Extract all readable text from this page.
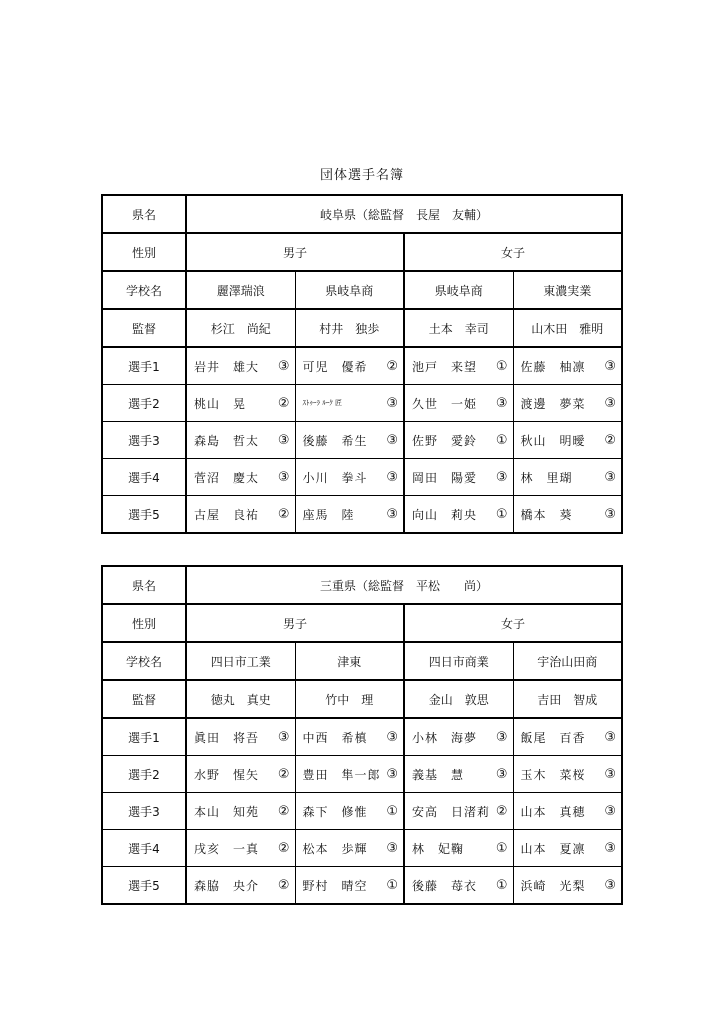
団体選手名簿
県名	岐阜県（総監督　長屋　友輔）			
性別	男子		女子	
学校名	麗澤瑞浪	県岐阜商	県岐阜商	東濃実業
監督	杉江　尚紀	村井　独歩	土本　幸司	山木田　雅明
選手1	岩井　雄大 ③	可児　優希 ②	池戸　来望 ①	佐藤　柚凛 ③

選手2	桃山　晃 ②	ｽﾄｩｰﾗ ﾙｰｸ 匠 ③	久世　一姫 ③	渡邊　夢菜 ③

選手3	森島　哲太 ③	後藤　希生 ③	佐野　愛鈴 ①	秋山　明曖 ②

選手4	菅沼　慶太 ③	小川　拳斗 ③	岡田　陽愛 ③	林　里瑚 ③

選手5	古屋　良祐 ②	座馬　陸 ③	向山　莉央 ①	橋本　葵 ③
県名	三重県（総監督　平松　　尚）			
性別	男子		女子	
学校名	四日市工業	津東	四日市商業	宇治山田商
監督	徳丸　真史	竹中　理	金山　敦思	吉田　智成
選手1	眞田　将吾 ③	中西　希槙 ③	小林　海夢 ③	飯尾　百香 ③

選手2	水野　惺矢 ②	豊田　隼一郎 ③	義基　慧 ③	玉木　菜桜 ③

選手3	本山　知苑 ②	森下　修惟 ①	安高　日渚莉 ②	山本　真穂 ③

選手4	戌亥　一真 ②	松本　歩輝 ③	林　妃鞠 ①	山本　夏凛 ③

選手5	森脇　央介 ②	野村　晴空 ①	後藤　苺衣 ①	浜崎　光梨 ③
